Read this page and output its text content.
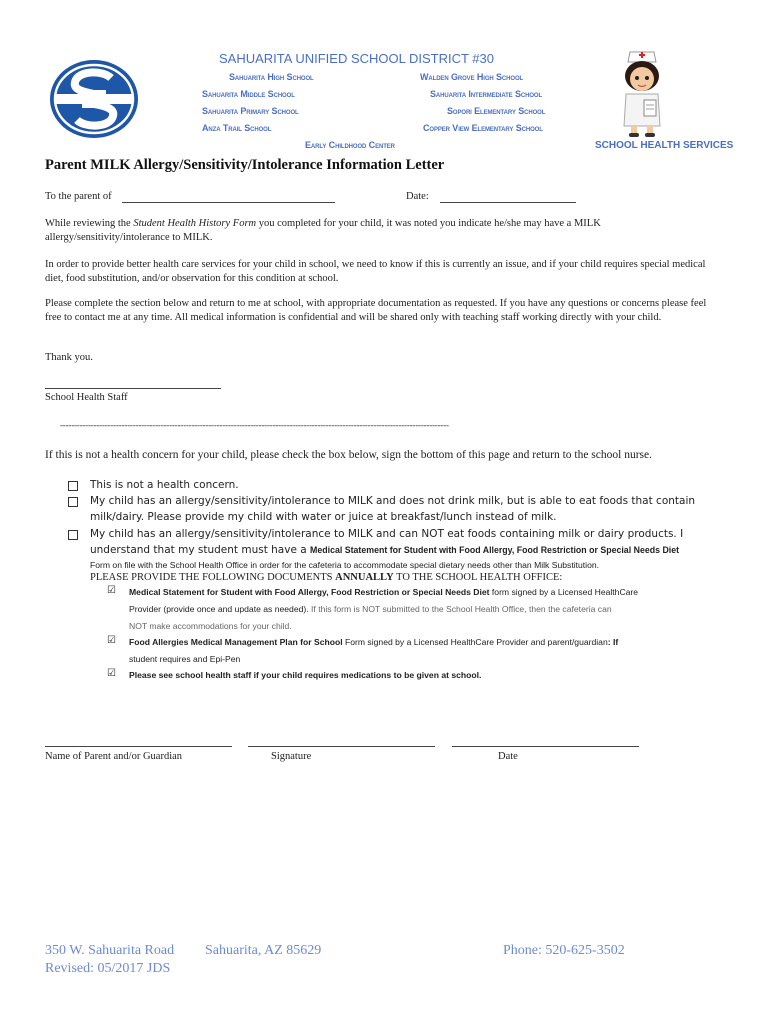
SAHUARITA UNIFIED SCHOOL DISTRICT #30
Sahuarita High School
Sahuarita Middle School
Sahuarita Primary School
Anza Trail School
Walden Grove High School
Sahuarita Intermediate School
Sopori Elementary School
Copper View Elementary School
Early Childhood Center	SCHOOL HEALTH SERVICES
Parent MILK Allergy/Sensitivity/Intolerance Information Letter
To the parent of	Date:
While reviewing the Student Health History Form you completed for your child, it was noted you indicate he/she may have a MILK allergy/sensitivity/intolerance to MILK.
In order to provide better health care services for your child in school, we need to know if this is currently an issue, and if your child requires special medical diet, food substitution, and/or observation for this condition at school.
Please complete the section below and return to me at school, with appropriate documentation as requested. If you have any questions or concerns please feel free to contact me at any time. All medical information is confidential and will be shared only with teaching staff working directly with your child.
Thank you.
School Health Staff
-------------------------------------------------------------------------------------------------------------------------------------------
If this is not a health concern for your child, please check the box below, sign the bottom of this page and return to the school nurse.
This is not a health concern.
My child has an allergy/sensitivity/intolerance to MILK and does not drink milk, but is able to eat foods that contain
milk/dairy. Please provide my child with water or juice at breakfast/lunch instead of milk.
My child has an allergy/sensitivity/intolerance to MILK and can NOT eat foods containing milk or dairy products. I
understand that my student must have a Medical Statement for Student with Food Allergy, Food Restriction or Special Needs Diet
Form on file with the School Health Office in order for the cafeteria to accommodate special dietary needs other than Milk Substitution.
PLEASE PROVIDE THE FOLLOWING DOCUMENTS ANNUALLY TO THE SCHOOL HEALTH OFFICE:
☑ Medical Statement for Student with Food Allergy, Food Restriction or Special Needs Diet form signed by a Licensed HealthCare
Provider (provide once and update as needed). If this form is NOT submitted to the School Health Office, then the cafeteria can
NOT make accommodations for your child.
☑ Food Allergies Medical Management Plan for School Form signed by a Licensed HealthCare Provider and parent/guardian: If
student requires and Epi-Pen
☑ Please see school health staff if your child requires medications to be given at school.
Name of Parent and/or Guardian	Signature	Date
350 W. Sahuarita Road Sahuarita, AZ 85629	Phone: 520-625-3502
Revised: 05/2017 JDS
